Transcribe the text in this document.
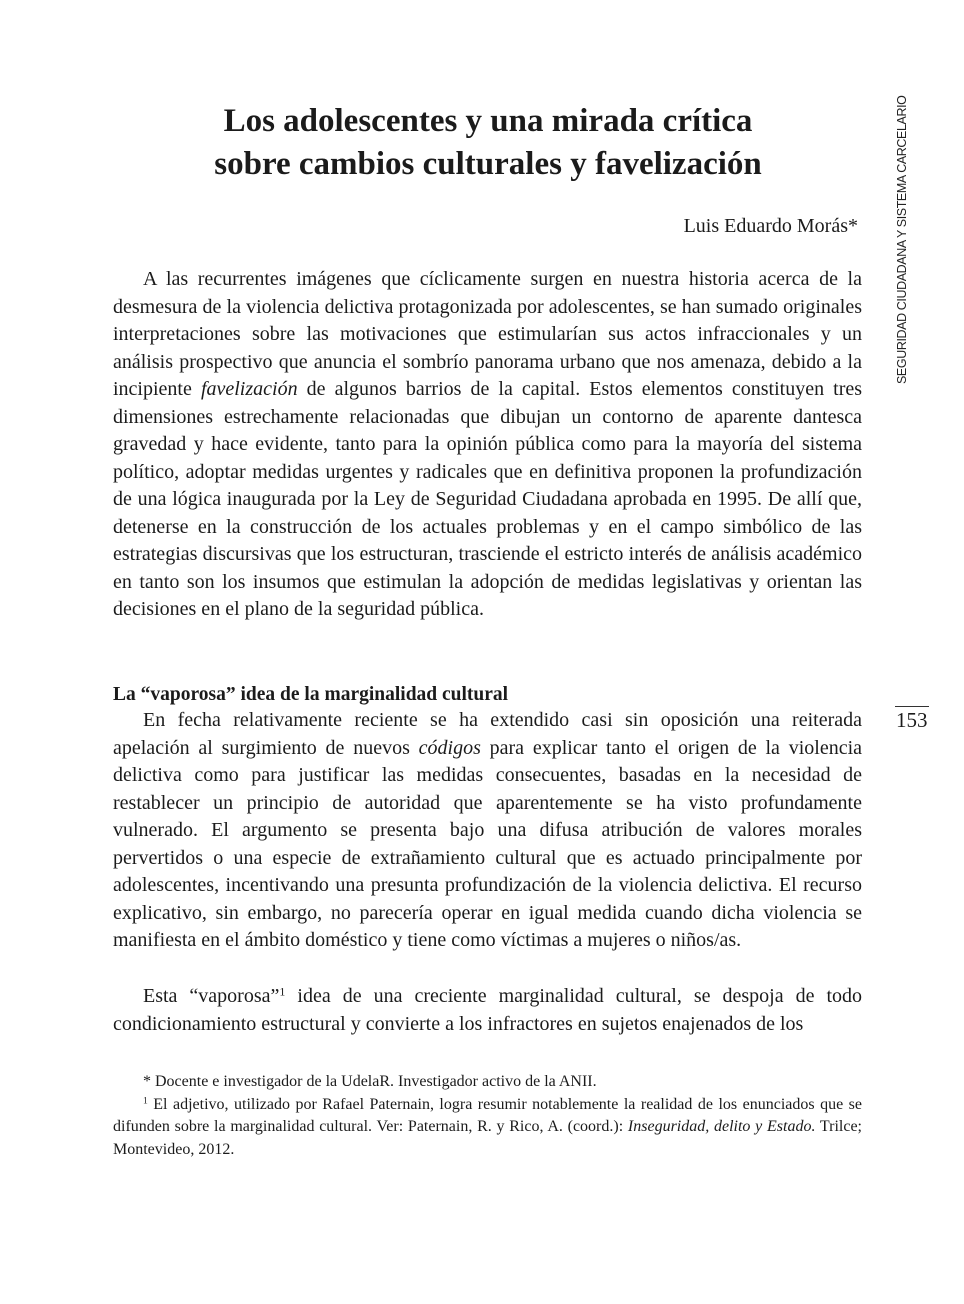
Los adolescentes y una mirada crítica
sobre cambios culturales y favelización
Luis Eduardo Morás*

A las recurrentes imágenes que cíclicamente surgen en nuestra historia acerca de la desmesura de la violencia delictiva protagonizada por adolescentes, se han sumado originales interpretaciones sobre las motivaciones que estimularían sus actos infraccionales y un análisis prospectivo que anuncia el sombrío panorama urbano que nos amenaza, debido a la incipiente favelización de algunos barrios de la capital. Estos elementos constituyen tres dimensiones estrechamente relacionadas que dibujan un contorno de aparente dantesca gravedad y hace evidente, tanto para la opinión pública como para la mayoría del sistema político, adoptar medidas urgentes y radicales que en definitiva proponen la profundización de una lógica inaugurada por la Ley de Seguridad Ciudadana aprobada en 1995. De allí que, detenerse en la construcción de los actuales problemas y en el campo simbólico de las estrategias discursivas que los estructuran, trasciende el estricto interés de análisis académico en tanto son los insumos que estimulan la adopción de medidas legislativas y orientan las decisiones en el plano de la seguridad pública.

La “vaporosa” idea de la marginalidad cultural

En fecha relativamente reciente se ha extendido casi sin oposición una reiterada apelación al surgimiento de nuevos códigos para explicar tanto el origen de la violencia delictiva como para justificar las medidas consecuentes, basadas en la necesidad de restablecer un principio de autoridad que aparentemente se ha visto profundamente vulnerado. El argumento se presenta bajo una difusa atribución de valores morales pervertidos o una especie de extrañamiento cultural que es actuado principalmente por adolescentes, incentivando una presunta profundización de la violencia delictiva. El recurso explicativo, sin embargo, no parecería operar en igual medida cuando dicha violencia se manifiesta en el ámbito doméstico y tiene como víctimas a mujeres o niños/as.

Esta “vaporosa”$^1$ idea de una creciente marginalidad cultural, se despoja de todo condicionamiento estructural y convierte a los infractores en sujetos enajenados de los

* Docente e investigador de la UdelaR. Investigador activo de la ANII.

$^1$ El adjetivo, utilizado por Rafael Paternain, logra resumir notablemente la realidad de los enunciados que se difunden sobre la marginalidad cultural. Ver: Paternain, R. y Rico, A. (coord.): Inseguridad, delito y Estado. Trilce; Montevideo, 2012.

SEGURIDAD CIUDADANA Y SISTEMA CARCELARIO
153
